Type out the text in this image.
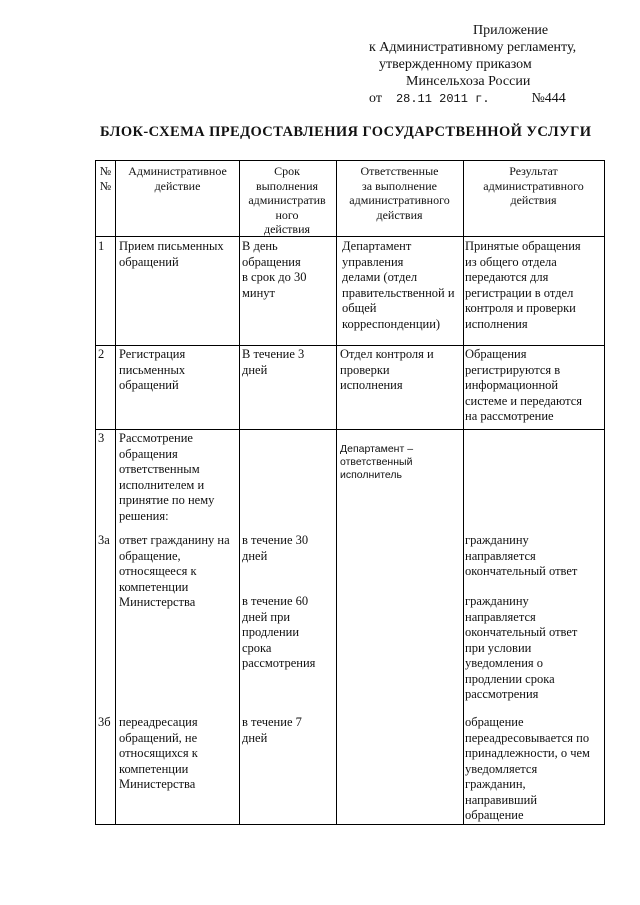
Приложение
к Административному регламенту,
утвержденному приказом
Минсельхоза России
от 28.11 2011 г.	№444
БЛОК-СХЕМА ПРЕДОСТАВЛЕНИЯ ГОСУДАРСТВЕННОЙ УСЛУГИ
№
№
Административное
действие
Срок
выполнения
административ
ного
действия
Ответственные
за выполнение
административного
действия
Результат
административного
действия
1 Прием письменных
обращений
В день
обращения
в срок до 30
минут
Департамент
управления
делами (отдел
правительственной и
общей
корреспонденции)
Принятые обращения
из общего отдела
передаются для
регистрации в отдел
контроля и проверки
исполнения
2 Регистрация
письменных
обращений
В течение 3
дней
Отдел контроля и
проверки
исполнения
Обращения
регистрируются в
информационной
системе и передаются
на рассмотрение
3 Рассмотрение
обращения
ответственным
исполнителем и
принятие по нему
решения:
Департамент –
ответственный
исполнитель
3а ответ гражданину на
обращение,
относящееся к
компетенции
Министерства
в течение 30
дней
в течение 60
дней при
продлении
срока
рассмотрения
гражданину
направляется
окончательный ответ
гражданину
направляется
окончательный ответ
при условии
уведомления о
продлении срока
рассмотрения
3б переадресация
обращений, не
относящихся к
компетенции
Министерства
в течение 7
дней
обращение
переадресовывается по
принадлежности, о чем
уведомляется
гражданин,
направивший
обращение
